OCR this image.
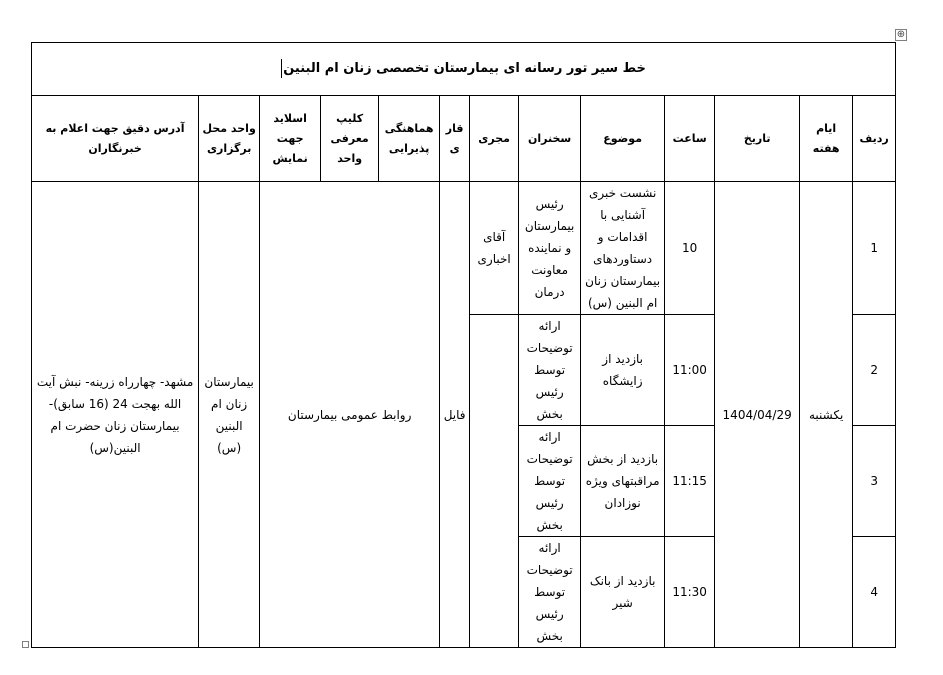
⊕
خط سیر تور رسانه ای بیمارستان تخصصی زنان ام البنین												
ردیف	ایام هفته	تاریخ	ساعت	موضوع	سخنران	مجری	قاری	هماهنگی پذیرایی	کلیپ معرفی واحد	اسلاید جهت نمایش	واحد محل برگزاری	آدرس دقیق جهت اعلام به خبرنگاران
1	یکشنبه	1404/04/29	10	نشست خبری آشنایی با اقدامات و دستاوردهای بیمارستان زنان ام البنین (س)	رئیس بیمارستان و نماینده معاونت درمان	آقای اخباری	فایل	روابط عمومی بیمارستان			بیمارستان زنان ام البنین (س)	مشهد- چهارراه زرینه- نبش آیت الله بهجت 24 (16 سابق)- بیمارستان زنان حضرت ام البنین(س)
2			11:00	بازدید از زایشگاه	ارائه توضیحات توسط رئیس بخش							
3			11:15	بازدید از بخش مراقبتهای ویژه نوزادان	ارائه توضیحات توسط رئیس بخش							
4			11:30	بازدید از بانک شیر	ارائه توضیحات توسط رئیس بخش							
